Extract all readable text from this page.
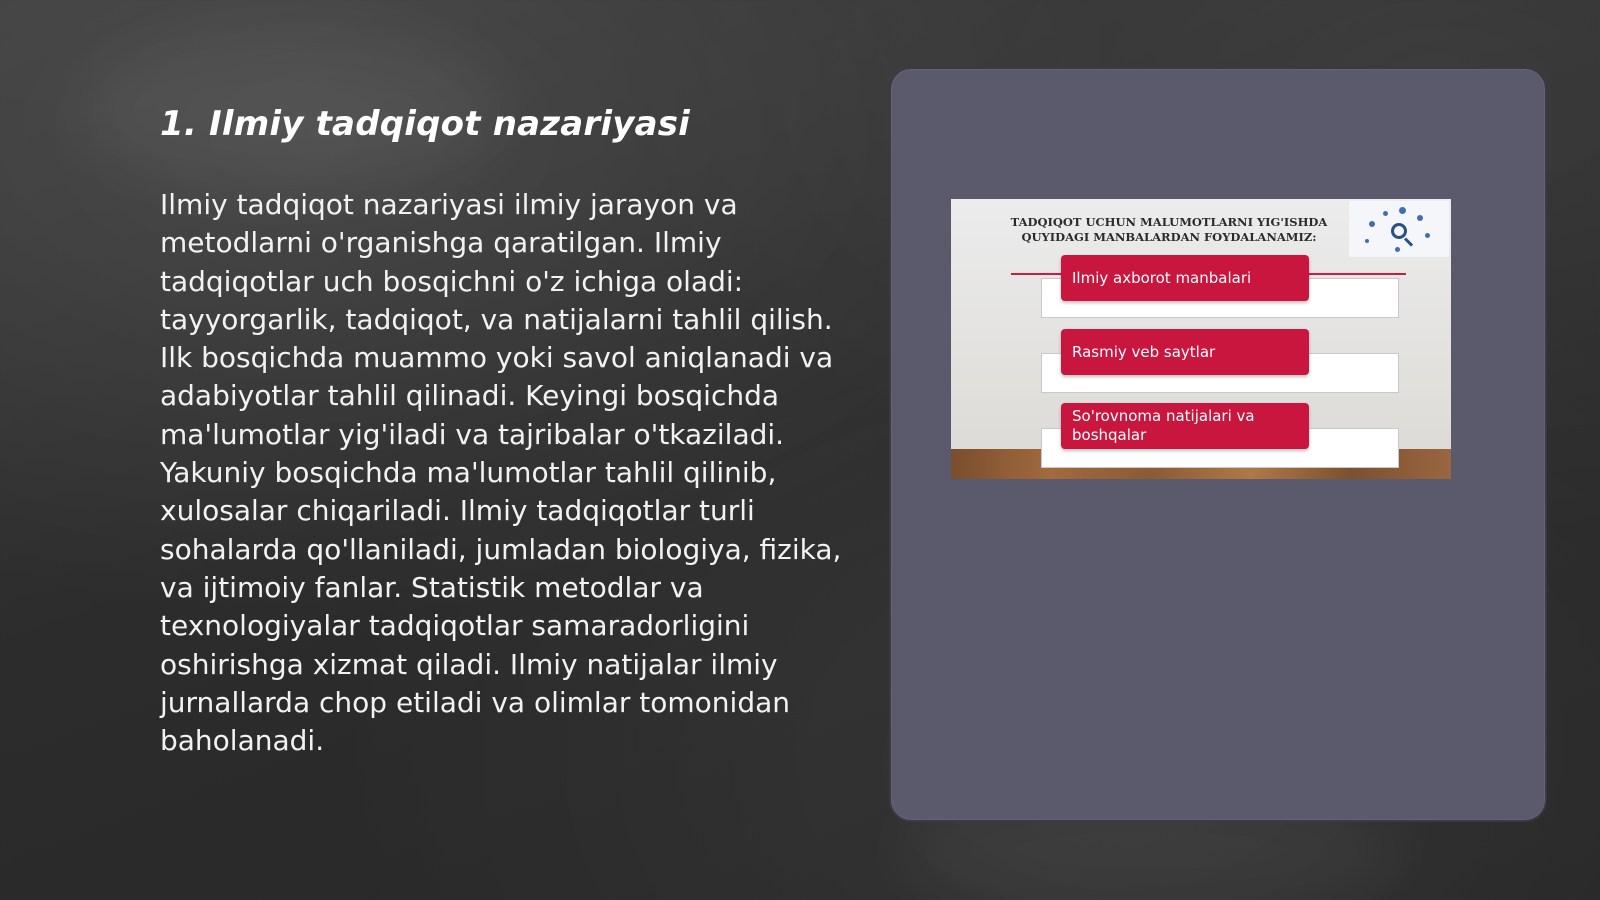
1. Ilmiy tadqiqot nazariyasi

Ilmiy tadqiqot nazariyasi ilmiy jarayon va metodlarni o'rganishga qaratilgan. Ilmiy tadqiqotlar uch bosqichni o'z ichiga oladi: tayyorgarlik, tadqiqot, va natijalarni tahlil qilish. Ilk bosqichda muammo yoki savol aniqlanadi va adabiyotlar tahlil qilinadi. Keyingi bosqichda ma'lumotlar yig'iladi va tajribalar o'tkaziladi. Yakuniy bosqichda ma'lumotlar tahlil qilinib, xulosalar chiqariladi. Ilmiy tadqiqotlar turli sohalarda qo'llaniladi, jumladan biologiya, fizika, va ijtimoiy fanlar. Statistik metodlar va texnologiyalar tadqiqotlar samaradorligini oshirishga xizmat qiladi. Ilmiy natijalar ilmiy jurnallarda chop etiladi va olimlar tomonidan baholanadi.

TADQIQOT UCHUN MALUMOTLARNI YIG'ISHDA
QUYIDAGI MANBALARDAN FOYDALANAMIZ:
Ilmiy axborot manbalari
Rasmiy veb saytlar
So'rovnoma natijalari va boshqalar
